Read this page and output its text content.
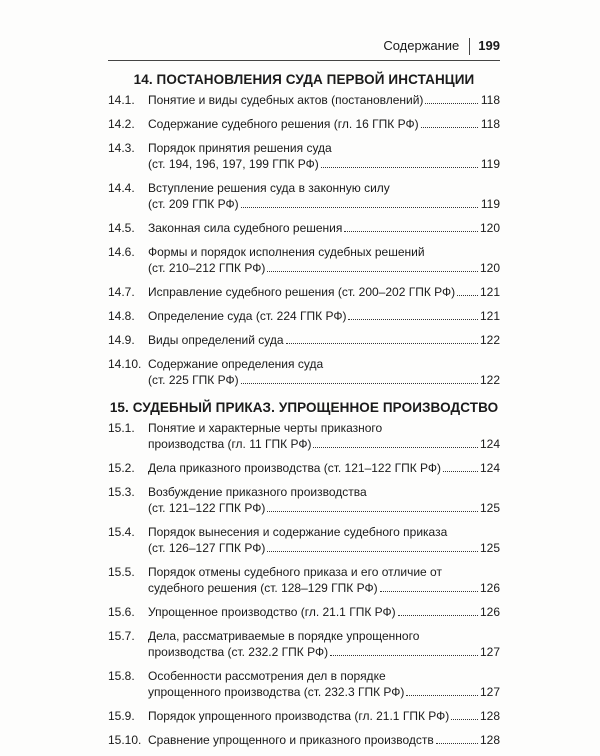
Содержание	199
14. ПОСТАНОВЛЕНИЯ СУДА ПЕРВОЙ ИНСТАНЦИИ
14.1.	Понятие и виды судебных актов (постановлений)	118
14.2.	Содержание судебного решения (гл. 16 ГПК РФ)	118
14.3.	Порядок принятия решения суда
(ст. 194, 196, 197, 199 ГПК РФ)	119
14.4.	Вступление решения суда в законную силу
(ст. 209 ГПК РФ)	119
14.5.	Законная сила судебного решения	120
14.6.	Формы и порядок исполнения судебных решений
(ст. 210–212 ГПК РФ)	120
14.7.	Исправление судебного решения (ст. 200–202 ГПК РФ) 121
14.8.	Определение суда (ст. 224 ГПК РФ)	121
14.9.	Виды определений суда	122
14.10. Содержание определения суда
(ст. 225 ГПК РФ)	122
15. СУДЕБНЫЙ ПРИКАЗ. УПРОЩЕННОЕ ПРОИЗВОДСТВО
15.1.	Понятие и характерные черты приказного
производства (гл. 11 ГПК РФ)	124
15.2.	Дела приказного производства (ст. 121–122 ГПК РФ)	124
15.3.	Возбуждение приказного производства
(ст. 121–122 ГПК РФ)	125
15.4.	Порядок вынесения и содержание судебного приказа
(ст. 126–127 ГПК РФ)	125
15.5.	Порядок отмены судебного приказа и его отличие от
судебного решения (ст. 128–129 ГПК РФ)	126
15.6.	Упрощенное производство (гл. 21.1 ГПК РФ)	126
15.7.	Дела, рассматриваемые в порядке упрощенного
производства (ст. 232.2 ГПК РФ)	127
15.8.	Особенности рассмотрения дел в порядке
упрощенного производства (ст. 232.3 ГПК РФ)	127
15.9.	Порядок упрощенного производства (гл. 21.1 ГПК РФ)	128
15.10. Сравнение упрощенного и приказного производств	128
